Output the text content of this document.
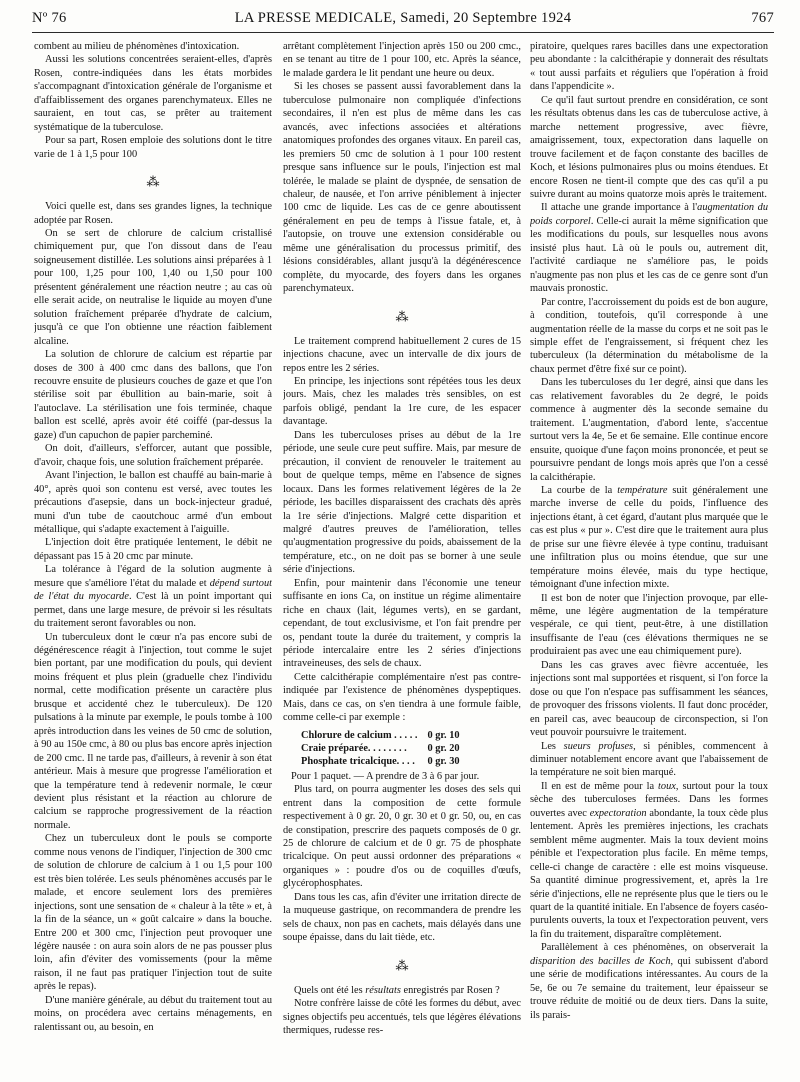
Nº 76	LA PRESSE MEDICALE, Samedi, 20 Septembre 1924	767

combent au milieu de phénomènes d'intoxication.

Aussi les solutions concentrées seraient-elles, d'après Rosen, contre-indiquées dans les états morbides s'accompagnant d'intoxication générale de l'organisme et d'affaiblissement des organes parenchymateux. Elles ne sauraient, en tout cas, se prêter au traitement systématique de la tuberculose.

Pour sa part, Rosen emploie des solutions dont le titre varie de 1 à 1,5 pour 100

⁂

Voici quelle est, dans ses grandes lignes, la technique adoptée par Rosen.

On se sert de chlorure de calcium cristallisé chimiquement pur, que l'on dissout dans de l'eau soigneusement distillée. Les solutions ainsi préparées à 1 pour 100, 1,25 pour 100, 1,40 ou 1,50 pour 100 présentent généralement une réaction neutre ; au cas où elle serait acide, on neutralise le liquide au moyen d'une solution fraîchement préparée d'hydrate de calcium, jusqu'à ce que l'on obtienne une réaction faiblement alcaline.

La solution de chlorure de calcium est répartie par doses de 300 à 400 cmc dans des ballons, que l'on recouvre ensuite de plusieurs couches de gaze et que l'on stérilise soit par ébullition au bain-marie, soit à l'autoclave. La stérilisation une fois terminée, chaque ballon est scellé, après avoir été coiffé (par-dessus la gaze) d'un capuchon de papier parcheminé.

On doit, d'ailleurs, s'efforcer, autant que possible, d'avoir, chaque fois, une solution fraîchement préparée.

Avant l'injection, le ballon est chauffé au bain-marie à 40°, après quoi son contenu est versé, avec toutes les précautions d'asepsie, dans un bock-injecteur gradué, muni d'un tube de caoutchouc armé d'un embout métallique, qui s'adapte exactement à l'aiguille.

L'injection doit être pratiquée lentement, le débit ne dépassant pas 15 à 20 cmc par minute.

La tolérance à l'égard de la solution augmente à mesure que s'améliore l'état du malade et dépend surtout de l'état du myocarde. C'est là un point important qui permet, dans une large mesure, de prévoir si les résultats du traitement seront favorables ou non.

Un tuberculeux dont le cœur n'a pas encore subi de dégénérescence réagit à l'injection, tout comme le sujet bien portant, par une modification du pouls, qui devient moins fréquent et plus plein (graduelle chez l'individu normal, cette modification présente un caractère plus brusque et accidenté chez le tuberculeux). De 120 pulsations à la minute par exemple, le pouls tombe à 100 après introduction dans les veines de 50 cmc de solution, à 90 au 150e cmc, à 80 ou plus bas encore après injection de 200 cmc. Il ne tarde pas, d'ailleurs, à revenir à son état antérieur. Mais à mesure que progresse l'amélioration et que la température tend à redevenir normale, le cœur devient plus résistant et la réaction au chlorure de calcium se rapproche progressivement de la réaction normale.

Chez un tuberculeux dont le pouls se comporte comme nous venons de l'indiquer, l'injection de 300 cmc de solution de chlorure de calcium à 1 ou 1,5 pour 100 est très bien tolérée. Les seuls phénomènes accusés par le malade, et encore seulement lors des premières injections, sont une sensation de « chaleur à la tête » et, à la fin de la séance, un « goût calcaire » dans la bouche. Entre 200 et 300 cmc, l'injection peut provoquer une légère nausée : on aura soin alors de ne pas pousser plus loin, afin d'éviter des vomissements (pour la même raison, il ne faut pas pratiquer l'injection tout de suite après le repas).

D'une manière générale, au début du traitement tout au moins, on procédera avec certains ménagements, en ralentissant ou, au besoin, en

arrêtant complètement l'injection après 150 ou 200 cmc., en se tenant au titre de 1 pour 100, etc. Après la séance, le malade gardera le lit pendant une heure ou deux.

Si les choses se passent aussi favorablement dans la tuberculose pulmonaire non compliquée d'infections secondaires, il n'en est plus de même dans les cas avancés, avec infections associées et altérations anatomiques profondes des organes vitaux. En pareil cas, les premiers 50 cmc de solution à 1 pour 100 restent presque sans influence sur le pouls, l'injection est mal tolérée, le malade se plaint de dyspnée, de sensation de chaleur, de nausée, et l'on arrive péniblement à injecter 100 cmc de liquide. Les cas de ce genre aboutissent généralement en peu de temps à l'issue fatale, et, à l'autopsie, on trouve une extension considérable ou même une généralisation du processus primitif, des lésions considérables, allant jusqu'à la dégénérescence complète, du myocarde, des foyers dans les organes parenchymateux.

⁂

Le traitement comprend habituellement 2 cures de 15 injections chacune, avec un intervalle de dix jours de repos entre les 2 séries.

En principe, les injections sont répétées tous les deux jours. Mais, chez les malades très sensibles, on est parfois obligé, pendant la 1re cure, de les espacer davantage.

Dans les tuberculoses prises au début de la 1re période, une seule cure peut suffire. Mais, par mesure de précaution, il convient de renouveler le traitement au bout de quelque temps, même en l'absence de signes locaux. Dans les formes relativement légères de la 2e période, les bacilles disparaissent des crachats dès après la 1re série d'injections. Malgré cette disparition et malgré d'autres preuves de l'amélioration, telles qu'augmentation progressive du poids, abaissement de la température, etc., on ne doit pas se borner à une seule série d'injections.

Enfin, pour maintenir dans l'économie une teneur suffisante en ions Ca, on institue un régime alimentaire riche en chaux (lait, légumes verts), en se gardant, cependant, de tout exclusivisme, et l'on fait prendre per os, pendant toute la durée du traitement, y compris la période intercalaire entre les 2 séries d'injections intraveineuses, des sels de chaux.

Cette calcithérapie complémentaire n'est pas contre-indiquée par l'existence de phénomènes dyspeptiques. Mais, dans ce cas, on s'en tiendra à une formule faible, comme celle-ci par exemple :

Chlorure de calcium . . . . .	0 gr. 10
Craie préparée. . . . . . . .	0 gr. 20
Phosphate tricalcique. . . .	0 gr. 30

Pour 1 paquet. — A prendre de 3 à 6 par jour.

Plus tard, on pourra augmenter les doses des sels qui entrent dans la composition de cette formule respectivement à 0 gr. 20, 0 gr. 30 et 0 gr. 50, ou, en cas de constipation, prescrire des paquets composés de 0 gr. 25 de chlorure de calcium et de 0 gr. 75 de phosphate tricalcique. On peut aussi ordonner des préparations « organiques » : poudre d'os ou de coquilles d'œufs, glycérophosphates.

Dans tous les cas, afin d'éviter une irritation directe de la muqueuse gastrique, on recommandera de prendre les sels de chaux, non pas en cachets, mais délayés dans une soupe épaisse, dans du lait tiède, etc.

⁂

Quels ont été les résultats enregistrés par Rosen ?

Notre confrère laisse de côté les formes du début, avec signes objectifs peu accentués, tels que légères élévations thermiques, rudesse res-

piratoire, quelques rares bacilles dans une expectoration peu abondante : la calcithérapie y donnerait des résultats « tout aussi parfaits et réguliers que l'opération à froid dans l'appendicite ».

Ce qu'il faut surtout prendre en considération, ce sont les résultats obtenus dans les cas de tuberculose active, à marche nettement progressive, avec fièvre, amaigrissement, toux, expectoration dans laquelle on trouve facilement et de façon constante des bacilles de Koch, et lésions pulmonaires plus ou moins étendues. Et encore Rosen ne tient-il compte que des cas qu'il a pu suivre durant au moins quatorze mois après le traitement.

Il attache une grande importance à l'augmentation du poids corporel. Celle-ci aurait la même signification que les modifications du pouls, sur lesquelles nous avons insisté plus haut. Là où le pouls ou, autrement dit, l'activité cardiaque ne s'améliore pas, le poids n'augmente pas non plus et les cas de ce genre sont d'un mauvais pronostic.

Par contre, l'accroissement du poids est de bon augure, à condition, toutefois, qu'il corresponde à une augmentation réelle de la masse du corps et ne soit pas le simple effet de l'engraissement, si fréquent chez les tuberculeux (la détermination du métabolisme de la chaux permet d'être fixé sur ce point).

Dans les tuberculoses du 1er degré, ainsi que dans les cas relativement favorables du 2e degré, le poids commence à augmenter dès la seconde semaine du traitement. L'augmentation, d'abord lente, s'accentue surtout vers la 4e, 5e et 6e semaine. Elle continue encore ensuite, quoique d'une façon moins prononcée, et peut se poursuivre pendant de longs mois après que l'on a cessé la calcithérapie.

La courbe de la température suit généralement une marche inverse de celle du poids, l'influence des injections étant, à cet égard, d'autant plus marquée que le cas est plus « pur ». C'est dire que le traitement aura plus de prise sur une fièvre élevée à type continu, traduisant une infiltration plus ou moins étendue, que sur une température moins élevée, mais du type hectique, témoignant d'une infection mixte.

Il est bon de noter que l'injection provoque, par elle-même, une légère augmentation de la température vespérale, ce qui tient, peut-être, à une distillation insuffisante de l'eau (ces élévations thermiques ne se produiraient pas avec une eau chimiquement pure).

Dans les cas graves avec fièvre accentuée, les injections sont mal supportées et risquent, si l'on force la dose ou que l'on n'espace pas suffisamment les séances, de provoquer des frissons violents. Il faut donc procéder, en pareil cas, avec beaucoup de circonspection, si l'on veut pouvoir poursuivre le traitement.

Les sueurs profuses, si pénibles, commencent à diminuer notablement encore avant que l'abaissement de la température ne soit bien marqué.

Il en est de même pour la toux, surtout pour la toux sèche des tuberculoses fermées. Dans les formes ouvertes avec expectoration abondante, la toux cède plus lentement. Après les premières injections, les crachats semblent même augmenter. Mais la toux devient moins pénible et l'expectoration plus facile. En même temps, celle-ci change de caractère : elle est moins visqueuse. Sa quantité diminue progressivement, et, après la 1re série d'injections, elle ne représente plus que le tiers ou le quart de la quantité initiale. En l'absence de foyers caséo-purulents ouverts, la toux et l'expectoration peuvent, vers la fin du traitement, disparaître complètement.

Parallèlement à ces phénomènes, on observerait la disparition des bacilles de Koch, qui subissent d'abord une série de modifications intéressantes. Au cours de la 5e, 6e ou 7e semaine du traitement, leur épaisseur se trouve réduite de moitié ou de deux tiers. Dans la suite, ils parais-
